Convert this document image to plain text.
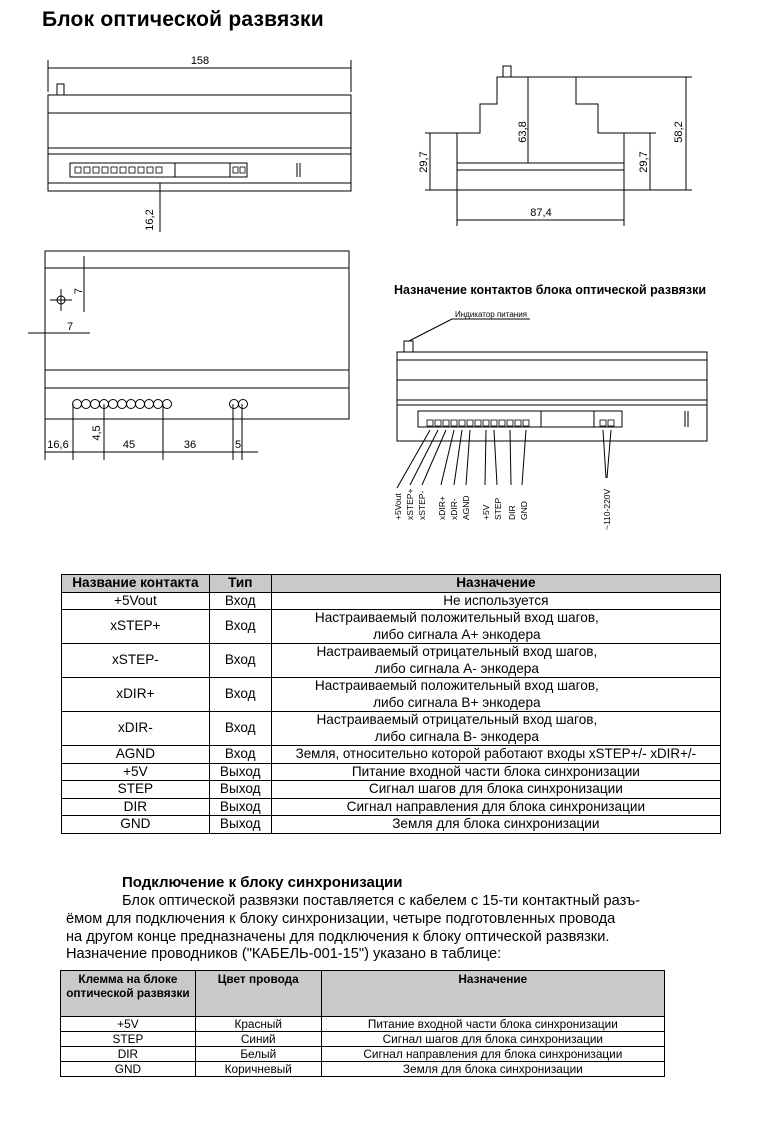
Блок оптической развязки
158
16,2
63,8
29,7	29,7
58,2
87,4
16,6
4,5
45	36	5
7
7
Индикатор питания
+5Vout xSTEP+ xSTEP- xDIR+ xDIR- AGND +5V STEP DIR GND	~110-220V
Назначение контактов блока оптической развязки
Название контакта	Тип	Назначение
+5Vout	Вход	Не используется
xSTEP+	Вход	Настраиваемый положительный вход шагов,
либо сигнала А+ энкодера

xSTEP-	Вход	Настраиваемый отрицательный вход шагов,
либо сигнала А- энкодера

xDIR+	Вход	Настраиваемый положительный вход шагов,
либо сигнала В+ энкодера

xDIR-	Вход	Настраиваемый отрицательный вход шагов,
либо сигнала В- энкодера

AGND	Вход	Земля, относительно которой работают входы xSTEP+/- xDIR+/-
+5V	Выход	Питание входной части блока синхронизации
STEP	Выход	Сигнал шагов для блока синхронизации
DIR	Выход	Сигнал направления для блока синхронизации
GND	Выход	Земля для блока синхронизации
Подключение к блоку синхронизации
Блок оптической развязки поставляется с кабелем с 15-ти контактный разъ-
ёмом для подключения к блоку синхронизации, четыре подготовленных провода
на другом конце предназначены для подключения к блоку оптической развязки.
Назначение проводников ("КАБЕЛЬ-001-15") указано в таблице:
Клемма на блоке оптической развязки	Цвет провода	Назначение
+5V	Красный	Питание входной части блока синхронизации
STEP	Синий	Сигнал шагов для блока синхронизации
DIR	Белый	Сигнал направления для блока синхронизации
GND	Коричневый	Земля для блока синхронизации
